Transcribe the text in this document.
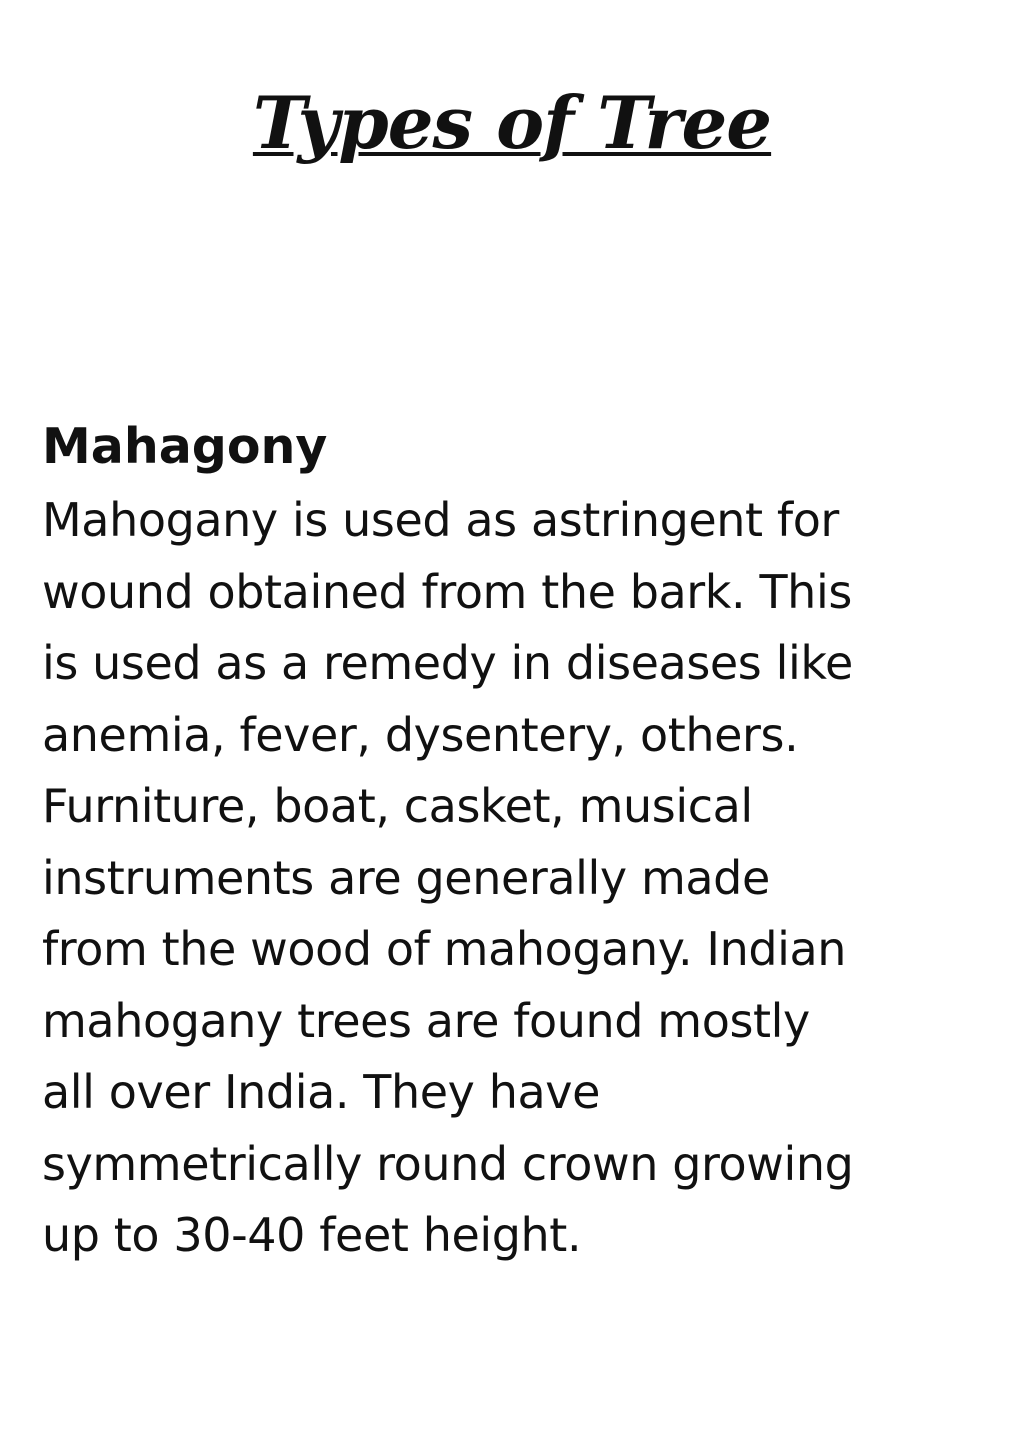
Types of Tree
Mahagony
Mahogany is used as astringent for
wound obtained from the bark. This
is used as a remedy in diseases like
anemia, fever, dysentery, others.
Furniture, boat, casket, musical
instruments are generally made
from the wood of mahogany. Indian
mahogany trees are found mostly
all over India. They have
symmetrically round crown growing
up to 30-40 feet height.
